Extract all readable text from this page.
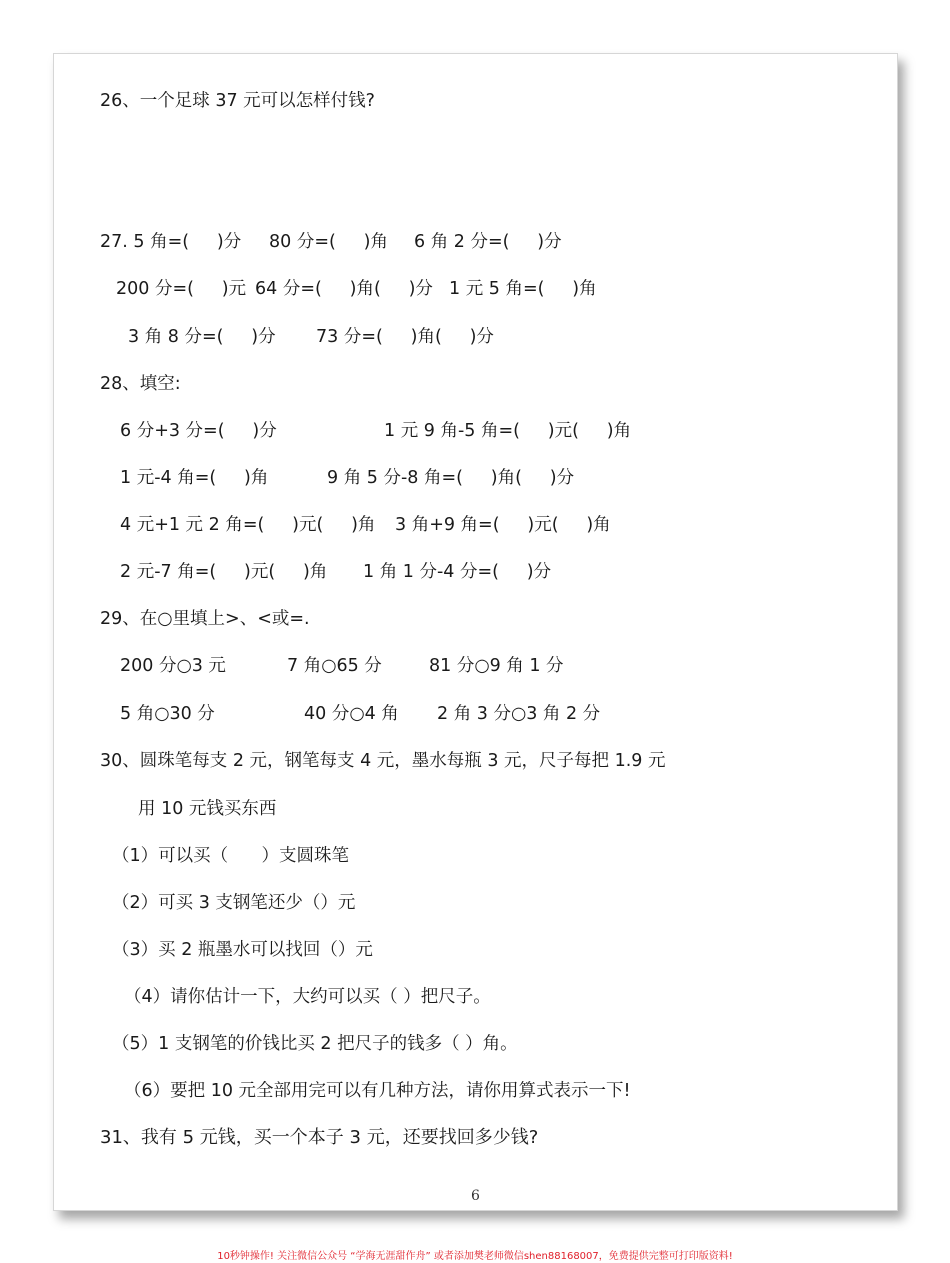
26、一个足球 37 元可以怎样付钱?
27. 5 角=(     )分 80 分=(     )角 6 角 2 分=(     )分
200 分=(     )元 64 分=(     )角(     )分 1 元 5 角=(     )角
3 角 8 分=(     )分 73 分=(     )角(     )分
28、填空:
6 分+3 分=(     )分	1 元 9 角-5 角=(     )元(     )角
1 元-4 角=(     )角	9 角 5 分-8 角=(     )角(     )分
4 元+1 元 2 角=(     )元(     )角 3 角+9 角=(     )元(     )角
2 元-7 角=(     )元(     )角 1 角 1 分-4 分=(     )分
29、在○里填上>、<或=.
200 分○3 元	7 角○65 分	81 分○9 角 1 分
5 角○30 分	40 分○4 角 2 角 3 分○3 角 2 分
30、圆珠笔每支 2 元，钢笔每支 4 元，墨水每瓶 3 元，尺子每把 1.9 元
用 10 元钱买东西
（1）可以买（      ）支圆珠笔
（2）可买 3 支钢笔还少（）元
（3）买 2 瓶墨水可以找回（）元
（4）请你估计一下，大约可以买（ ）把尺子。
（5）1 支钢笔的价钱比买 2 把尺子的钱多（ ）角。
（6）要把 10 元全部用完可以有几种方法，请你用算式表示一下!
31、我有 5 元钱，买一个本子 3 元，还要找回多少钱?
6
10秒钟操作! 关注微信公众号 “学海无涯甜作舟” 或者添加樊老师微信shen88168007，免费提供完整可打印版资料!
